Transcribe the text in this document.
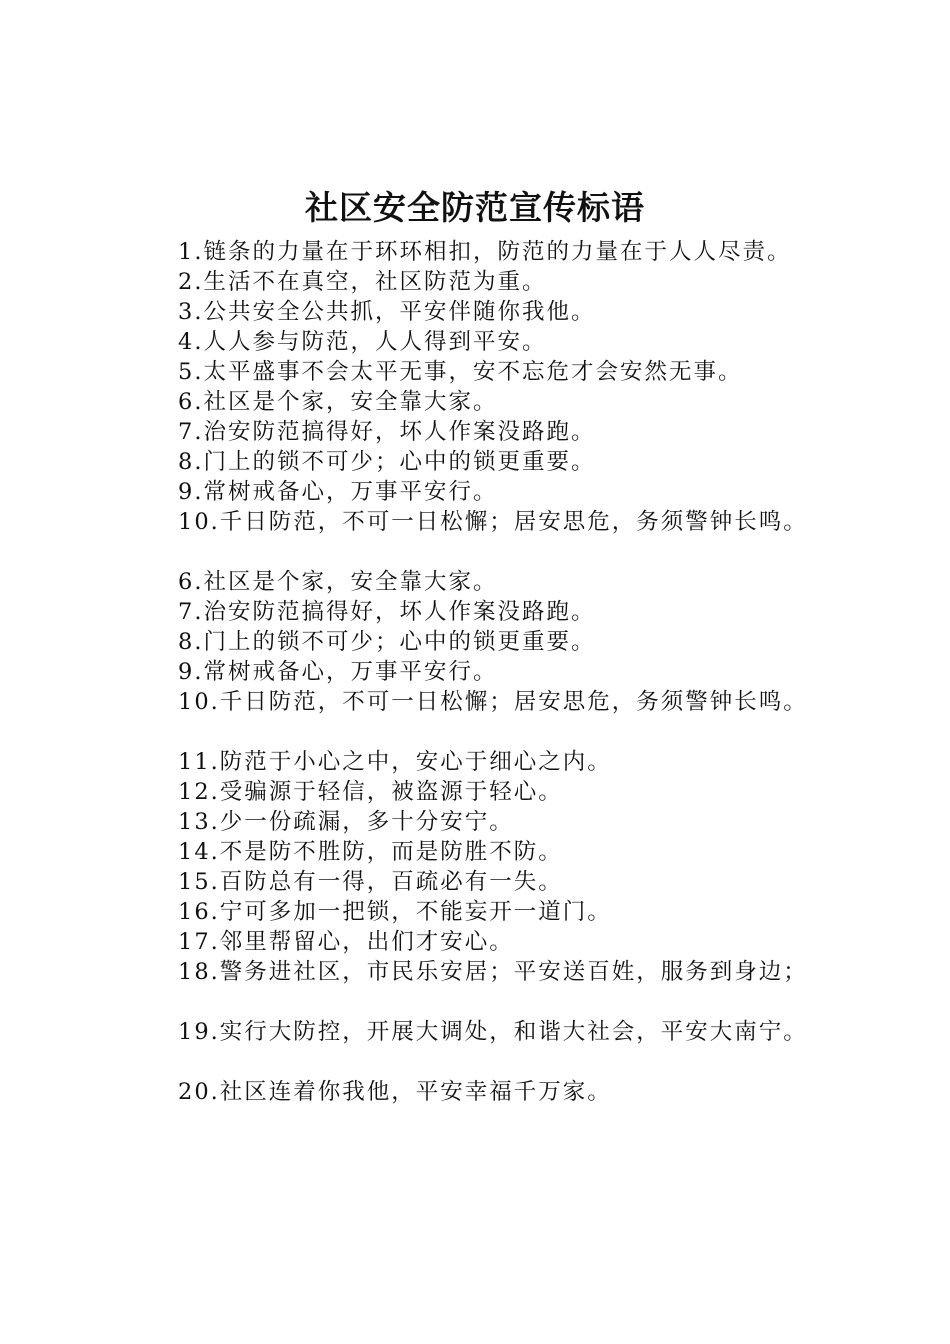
社区安全防范宣传标语
1.链条的力量在于环环相扣，防范的力量在于人人尽责。
2.生活不在真空，社区防范为重。
3.公共安全公共抓，平安伴随你我他。
4.人人参与防范，人人得到平安。
5.太平盛事不会太平无事，安不忘危才会安然无事。
6.社区是个家，安全靠大家。
7.治安防范搞得好，坏人作案没路跑。
8.门上的锁不可少；心中的锁更重要。
9.常树戒备心，万事平安行。
10.千日防范，不可一日松懈；居安思危，务须警钟长鸣。
6.社区是个家，安全靠大家。
7.治安防范搞得好，坏人作案没路跑。
8.门上的锁不可少；心中的锁更重要。
9.常树戒备心，万事平安行。
10.千日防范，不可一日松懈；居安思危，务须警钟长鸣。
11.防范于小心之中，安心于细心之内。
12.受骗源于轻信，被盗源于轻心。
13.少一份疏漏，多十分安宁。
14.不是防不胜防，而是防胜不防。
15.百防总有一得，百疏必有一失。
16.宁可多加一把锁，不能妄开一道门。
17.邻里帮留心，出们才安心。
18.警务进社区，市民乐安居；平安送百姓，服务到身边；
19.实行大防控，开展大调处，和谐大社会，平安大南宁。
20.社区连着你我他，平安幸福千万家。
